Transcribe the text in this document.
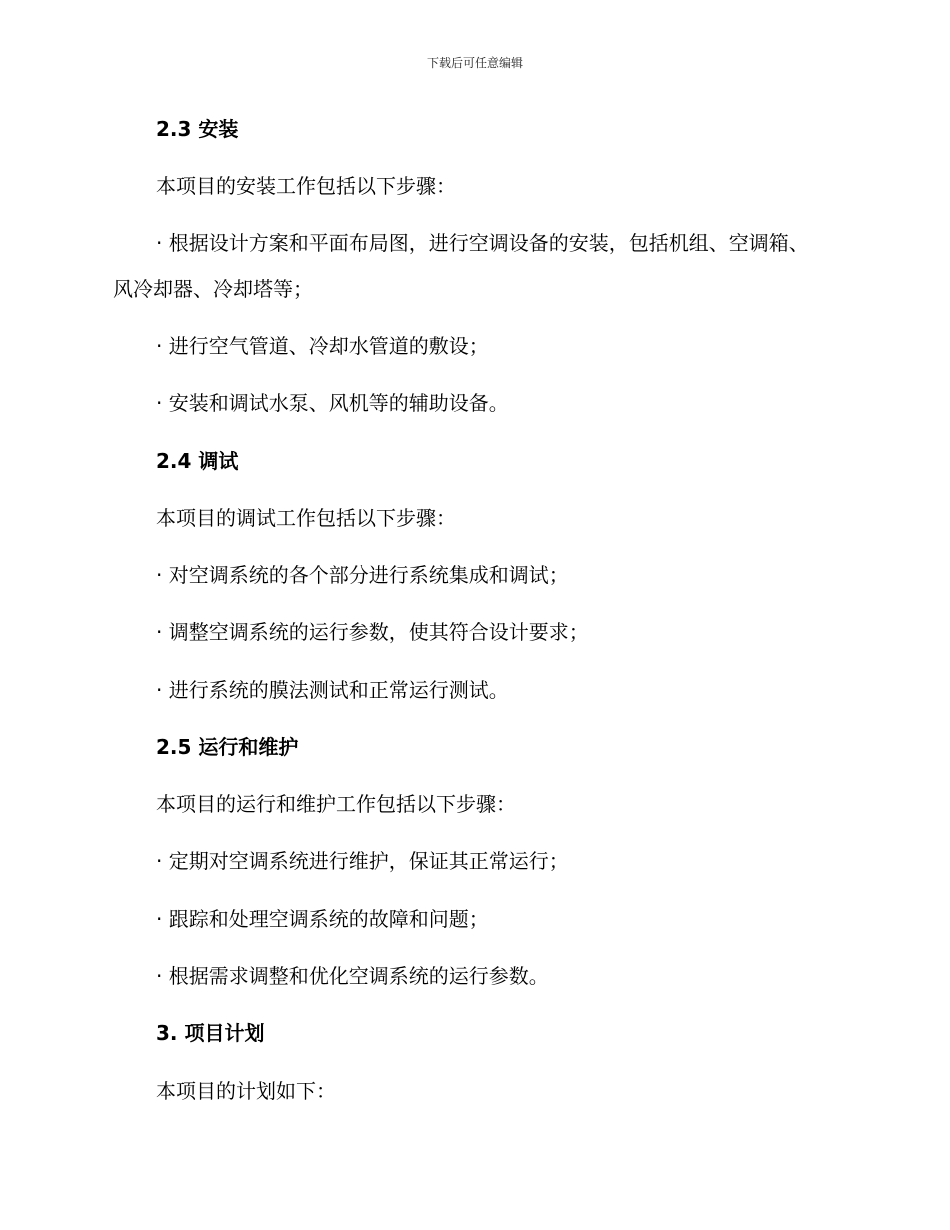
下载后可任意编辑
2.3 安装
本项目的安装工作包括以下步骤：
· 根据设计方案和平面布局图，进行空调设备的安装，包括机组、空调箱、风冷却器、冷却塔等；
· 进行空气管道、冷却水管道的敷设；
· 安装和调试水泵、风机等的辅助设备。
2.4 调试
本项目的调试工作包括以下步骤：
· 对空调系统的各个部分进行系统集成和调试；
· 调整空调系统的运行参数，使其符合设计要求；
· 进行系统的膜法测试和正常运行测试。
2.5 运行和维护
本项目的运行和维护工作包括以下步骤：
· 定期对空调系统进行维护，保证其正常运行；
· 跟踪和处理空调系统的故障和问题；
· 根据需求调整和优化空调系统的运行参数。
3. 项目计划
本项目的计划如下：
